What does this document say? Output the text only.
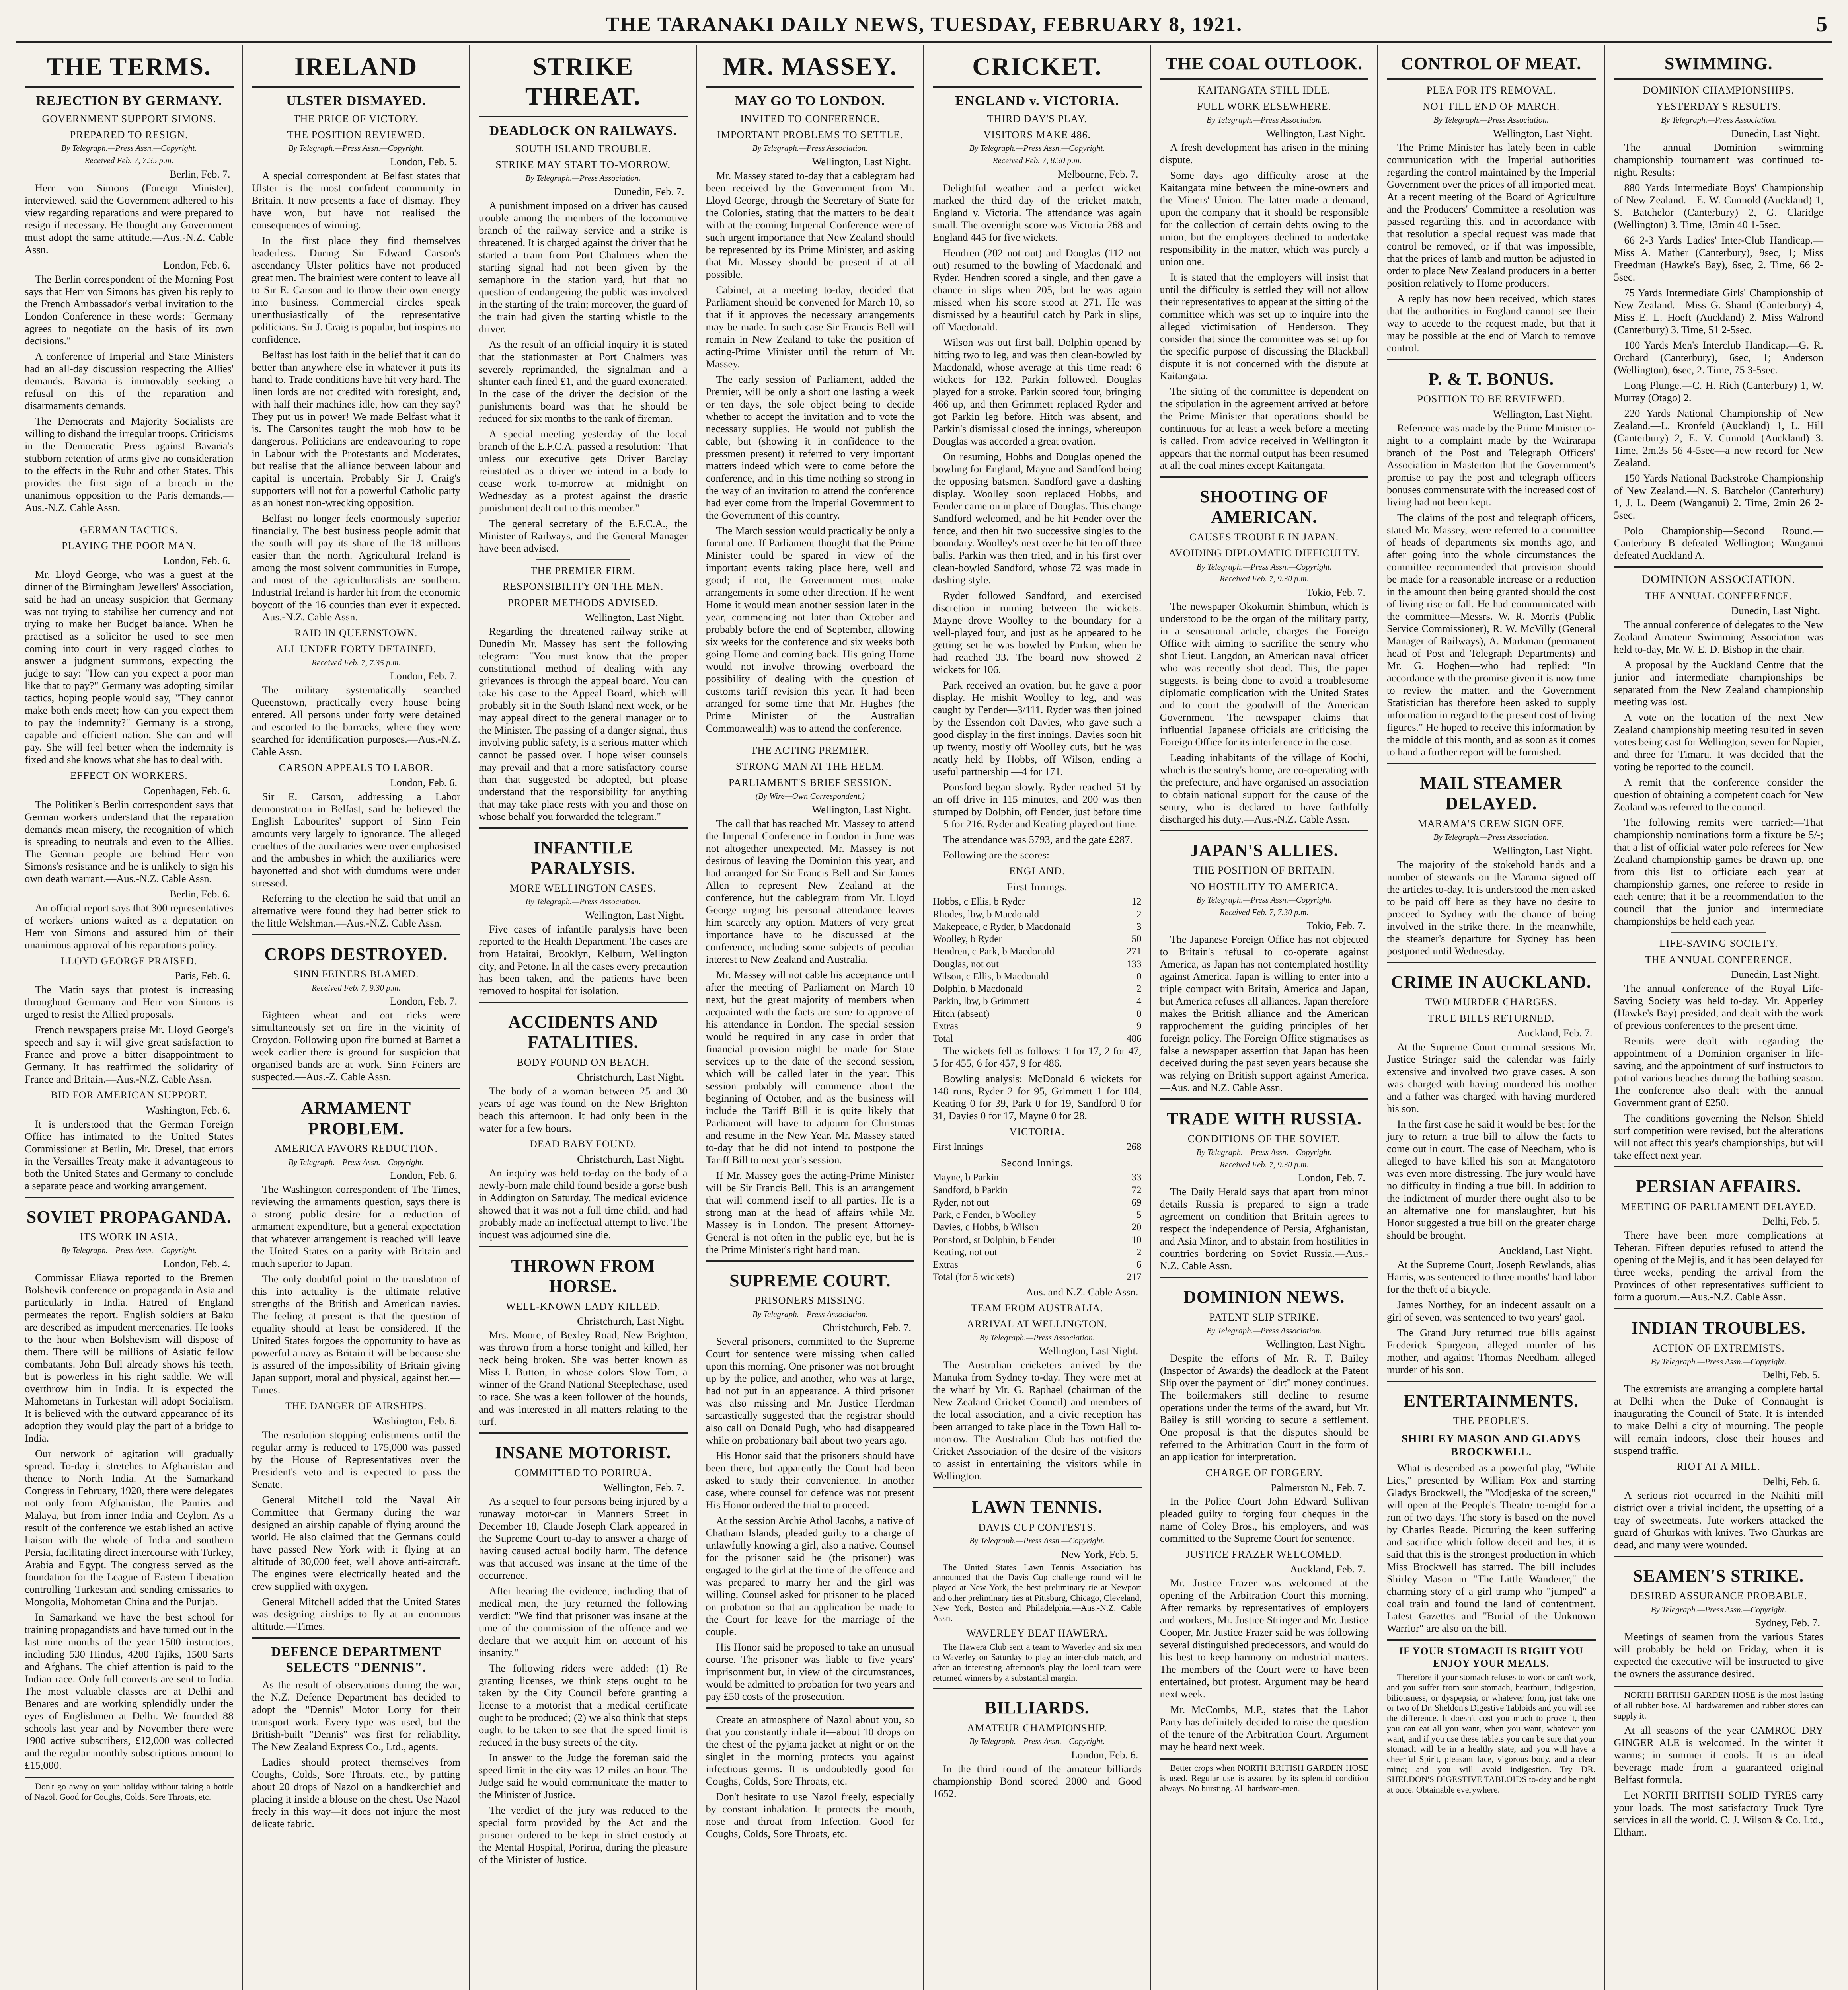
THE TARANAKI DAILY NEWS, TUESDAY, FEBRUARY 8, 1921.	5
THE TERMS.
REJECTION BY GERMANY.
GOVERNMENT SUPPORT SIMONS.
PREPARED TO RESIGN.
By Telegraph.—Press Assn.—Copyright.
Received Feb. 7, 7.35 p.m.
Berlin, Feb. 7.

Herr von Simons (Foreign Minister), interviewed, said the Government adhered to his view regarding reparations and were prepared to resign if necessary. He thought any Government must adopt the same attitude.—Aus.-N.Z. Cable Assn.

London, Feb. 6.

The Berlin correspondent of the Morning Post says that Herr von Simons has given his reply to the French Ambassador's verbal invitation to the London Conference in these words: "Germany agrees to negotiate on the basis of its own decisions."

A conference of Imperial and State Ministers had an all-day discussion respecting the Allies' demands. Bavaria is immovably seeking a refusal on this of the reparation and disarmaments demands.

The Democrats and Majority Socialists are willing to disband the irregular troops. Criticisms in the Democratic Press against Bavaria's stubborn retention of arms give no consideration to the effects in the Ruhr and other States. This provides the first sign of a breach in the unanimous opposition to the Paris demands.—Aus.-N.Z. Cable Assn.

GERMAN TACTICS.
PLAYING THE POOR MAN.
London, Feb. 6.

Mr. Lloyd George, who was a guest at the dinner of the Birmingham Jewellers' Association, said he had an uneasy suspicion that Germany was not trying to stabilise her currency and not trying to make her Budget balance. When he practised as a solicitor he used to see men coming into court in very ragged clothes to answer a judgment summons, expecting the judge to say: "How can you expect a poor man like that to pay?" Germany was adopting similar tactics, hoping people would say, "They cannot make both ends meet; how can you expect them to pay the indemnity?" Germany is a strong, capable and efficient nation. She can and will pay. She will feel better when the indemnity is fixed and she knows what she has to deal with.

EFFECT ON WORKERS.
Copenhagen, Feb. 6.

The Politiken's Berlin correspondent says that German workers understand that the reparation demands mean misery, the recognition of which is spreading to neutrals and even to the Allies. The German people are behind Herr von Simons's resistance and he is unlikely to sign his own death warrant.—Aus.-N.Z. Cable Assn.

Berlin, Feb. 6.

An official report says that 300 representatives of workers' unions waited as a deputation on Herr von Simons and assured him of their unanimous approval of his reparations policy.

LLOYD GEORGE PRAISED.
Paris, Feb. 6.

The Matin says that protest is increasing throughout Germany and Herr von Simons is urged to resist the Allied proposals.

French newspapers praise Mr. Lloyd George's speech and say it will give great satisfaction to France and prove a bitter disappointment to Germany. It has reaffirmed the solidarity of France and Britain.—Aus.-N.Z. Cable Assn.

BID FOR AMERICAN SUPPORT.
Washington, Feb. 6.

It is understood that the German Foreign Office has intimated to the United States Commissioner at Berlin, Mr. Dresel, that errors in the Versailles Treaty make it advantageous to both the United States and Germany to conclude a separate peace and working arrangement.

SOVIET PROPAGANDA.
ITS WORK IN ASIA.
By Telegraph.—Press Assn.—Copyright.
London, Feb. 4.

Commissar Eliawa reported to the Bremen Bolshevik conference on propaganda in Asia and particularly in India. Hatred of England permeates the report. English soldiers at Baku are described as impudent mercenaries. He looks to the hour when Bolshevism will dispose of them. There will be millions of Asiatic fellow combatants. John Bull already shows his teeth, but is powerless in his right saddle. We will overthrow him in India. It is expected the Mahometans in Turkestan will adopt Socialism. It is believed with the outward appearance of its adoption they would play the part of a bridge to India.

Our network of agitation will gradually spread. To-day it stretches to Afghanistan and thence to North India. At the Samarkand Congress in February, 1920, there were delegates not only from Afghanistan, the Pamirs and Malaya, but from inner India and Ceylon. As a result of the conference we established an active liaison with the whole of India and southern Persia, facilitating direct intercourse with Turkey, Arabia and Egypt. The congress served as the foundation for the League of Eastern Liberation controlling Turkestan and sending emissaries to Mongolia, Mohometan China and the Punjab.

In Samarkand we have the best school for training propagandists and have turned out in the last nine months of the year 1500 instructors, including 530 Hindus, 4200 Tajiks, 1500 Sarts and Afghans. The chief attention is paid to the Indian race. Only full converts are sent to India. The most valuable classes are at Delhi and Benares and are working splendidly under the eyes of Englishmen at Delhi. We founded 88 schools last year and by November there were 1900 active subscribers, £12,000 was collected and the regular monthly subscriptions amount to £15,000.

Don't go away on your holiday without taking a bottle of Nazol. Good for Coughs, Colds, Sore Throats, etc.

IRELAND
ULSTER DISMAYED.
THE PRICE OF VICTORY.
THE POSITION REVIEWED.
By Telegraph.—Press Assn.—Copyright.
London, Feb. 5.

A special correspondent at Belfast states that Ulster is the most confident community in Britain. It now presents a face of dismay. They have won, but have not realised the consequences of winning.

In the first place they find themselves leaderless. During Sir Edward Carson's ascendancy Ulster politics have not produced great men. The brainiest were content to leave all to Sir E. Carson and to throw their own energy into business. Commercial circles speak unenthusiastically of the representative politicians. Sir J. Craig is popular, but inspires no confidence.

Belfast has lost faith in the belief that it can do better than anywhere else in whatever it puts its hand to. Trade conditions have hit very hard. The linen lords are not credited with foresight, and, with half their machines idle, how can they say? They put us in power! We made Belfast what it is. The Carsonites taught the mob how to be dangerous. Politicians are endeavouring to rope in Labour with the Protestants and Moderates, but realise that the alliance between labour and capital is uncertain. Probably Sir J. Craig's supporters will not for a powerful Catholic party as an honest non-wrecking opposition.

Belfast no longer feels enormously superior financially. The best business people admit that the south will pay its share of the 18 millions easier than the north. Agricultural Ireland is among the most solvent communities in Europe, and most of the agriculturalists are southern. Industrial Ireland is harder hit from the economic boycott of the 16 counties than ever it expected.—Aus.-N.Z. Cable Assn.

RAID IN QUEENSTOWN.
ALL UNDER FORTY DETAINED.
Received Feb. 7, 7.35 p.m.
London, Feb. 7.

The military systematically searched Queenstown, practically every house being entered. All persons under forty were detained and escorted to the barracks, where they were searched for identification purposes.—Aus.-N.Z. Cable Assn.

CARSON APPEALS TO LABOR.
London, Feb. 6.

Sir E. Carson, addressing a Labor demonstration in Belfast, said he believed the English Labourites' support of Sinn Fein amounts very largely to ignorance. The alleged cruelties of the auxiliaries were over emphasised and the ambushes in which the auxiliaries were bayonetted and shot with dumdums were under stressed.

Referring to the election he said that until an alternative were found they had better stick to the little Welshman.—Aus.-N.Z. Cable Assn.

CROPS DESTROYED.
SINN FEINERS BLAMED.
Received Feb. 7, 9.30 p.m.
London, Feb. 7.

Eighteen wheat and oat ricks were simultaneously set on fire in the vicinity of Croydon. Following upon fire burned at Barnet a week earlier there is ground for suspicion that organised bands are at work. Sinn Feiners are suspected.—Aus.-Z. Cable Assn.

ARMAMENT PROBLEM.
AMERICA FAVORS REDUCTION.
By Telegraph.—Press Assn.—Copyright.
London, Feb. 6.

The Washington correspondent of The Times, reviewing the armaments question, says there is a strong public desire for a reduction of armament expenditure, but a general expectation that whatever arrangement is reached will leave the United States on a parity with Britain and much superior to Japan.

The only doubtful point in the translation of this into actuality is the ultimate relative strengths of the British and American navies. The feeling at present is that the question of equality should at least be considered. If the United States forgoes the opportunity to have as powerful a navy as Britain it will be because she is assured of the impossibility of Britain giving Japan support, moral and physical, against her.—Times.

THE DANGER OF AIRSHIPS.
Washington, Feb. 6.

The resolution stopping enlistments until the regular army is reduced to 175,000 was passed by the House of Representatives over the President's veto and is expected to pass the Senate.

General Mitchell told the Naval Air Committee that Germany during the war designed an airship capable of flying around the world. He also claimed that the Germans could have passed New York with it flying at an altitude of 30,000 feet, well above anti-aircraft. The engines were electrically heated and the crew supplied with oxygen.

General Mitchell added that the United States was designing airships to fly at an enormous altitude.—Times.

DEFENCE DEPARTMENT SELECTS "DENNIS".

As the result of observations during the war, the N.Z. Defence Department has decided to adopt the "Dennis" Motor Lorry for their transport work. Every type was used, but the British-built "Dennis" was first for reliability. The New Zealand Express Co., Ltd., agents.

Ladies should protect themselves from Coughs, Colds, Sore Throats, etc., by putting about 20 drops of Nazol on a handkerchief and placing it inside a blouse on the chest. Use Nazol freely in this way—it does not injure the most delicate fabric.

STRIKE THREAT.
DEADLOCK ON RAILWAYS.
SOUTH ISLAND TROUBLE.
STRIKE MAY START TO-MORROW.
By Telegraph.—Press Association.
Dunedin, Feb. 7.

A punishment imposed on a driver has caused trouble among the members of the locomotive branch of the railway service and a strike is threatened. It is charged against the driver that he started a train from Port Chalmers when the starting signal had not been given by the semaphore in the station yard, but that no question of endangering the public was involved in the starting of the train; moreover, the guard of the train had given the starting whistle to the driver.

As the result of an official inquiry it is stated that the stationmaster at Port Chalmers was severely reprimanded, the signalman and a shunter each fined £1, and the guard exonerated. In the case of the driver the decision of the punishments board was that he should be reduced for six months to the rank of fireman.

A special meeting yesterday of the local branch of the E.F.C.A. passed a resolution: "That unless our executive gets Driver Barclay reinstated as a driver we intend in a body to cease work to-morrow at midnight on Wednesday as a protest against the drastic punishment dealt out to this member."

The general secretary of the E.F.C.A., the Minister of Railways, and the General Manager have been advised.

THE PREMIER FIRM.
RESPONSIBILITY ON THE MEN.
PROPER METHODS ADVISED.
Wellington, Last Night.

Regarding the threatened railway strike at Dunedin Mr. Massey has sent the following telegram:—"You must know that the proper constitutional method of dealing with any grievances is through the appeal board. You can take his case to the Appeal Board, which will probably sit in the South Island next week, or he may appeal direct to the general manager or to the Minister. The passing of a danger signal, thus involving public safety, is a serious matter which cannot be passed over. I hope wiser counsels may prevail and that a more satisfactory course than that suggested be adopted, but please understand that the responsibility for anything that may take place rests with you and those on whose behalf you forwarded the telegram."

INFANTILE PARALYSIS.
MORE WELLINGTON CASES.
By Telegraph.—Press Association.
Wellington, Last Night.

Five cases of infantile paralysis have been reported to the Health Department. The cases are from Hataitai, Brooklyn, Kelburn, Wellington city, and Petone. In all the cases every precaution has been taken, and the patients have been removed to hospital for isolation.

ACCIDENTS AND FATALITIES.
BODY FOUND ON BEACH.
Christchurch, Last Night.

The body of a woman between 25 and 30 years of age was found on the New Brighton beach this afternoon. It had only been in the water for a few hours.

DEAD BABY FOUND.
Christchurch, Last Night.

An inquiry was held to-day on the body of a newly-born male child found beside a gorse bush in Addington on Saturday. The medical evidence showed that it was not a full time child, and had probably made an ineffectual attempt to live. The inquest was adjourned sine die.

THROWN FROM HORSE.
WELL-KNOWN LADY KILLED.
Christchurch, Last Night.

Mrs. Moore, of Bexley Road, New Brighton, was thrown from a horse tonight and killed, her neck being broken. She was better known as Miss I. Button, in whose colors Slow Tom, a winner of the Grand National Steeplechase, used to race. She was a keen follower of the hounds, and was interested in all matters relating to the turf.

INSANE MOTORIST.
COMMITTED TO PORIRUA.
Wellington, Feb. 7.

As a sequel to four persons being injured by a runaway motor-car in Manners Street in December 18, Claude Joseph Clark appeared in the Supreme Court to-day to answer a charge of having caused actual bodily harm. The defence was that accused was insane at the time of the occurrence.

After hearing the evidence, including that of medical men, the jury returned the following verdict: "We find that prisoner was insane at the time of the commission of the offence and we declare that we acquit him on account of his insanity."

The following riders were added: (1) Re granting licenses, we think steps ought to be taken by the City Council before granting a license to a motorist that a medical certificate ought to be produced; (2) we also think that steps ought to be taken to see that the speed limit is reduced in the busy streets of the city.

In answer to the Judge the foreman said the speed limit in the city was 12 miles an hour. The Judge said he would communicate the matter to the Minister of Justice.

The verdict of the jury was reduced to the special form provided by the Act and the prisoner ordered to be kept in strict custody at the Mental Hospital, Porirua, during the pleasure of the Minister of Justice.

MR. MASSEY.
MAY GO TO LONDON.
INVITED TO CONFERENCE.
IMPORTANT PROBLEMS TO SETTLE.
By Telegraph.—Press Association.
Wellington, Last Night.

Mr. Massey stated to-day that a cablegram had been received by the Government from Mr. Lloyd George, through the Secretary of State for the Colonies, stating that the matters to be dealt with at the coming Imperial Conference were of such urgent importance that New Zealand should be represented by its Prime Minister, and asking that Mr. Massey should be present if at all possible.

Cabinet, at a meeting to-day, decided that Parliament should be convened for March 10, so that if it approves the necessary arrangements may be made. In such case Sir Francis Bell will remain in New Zealand to take the position of acting-Prime Minister until the return of Mr. Massey.

The early session of Parliament, added the Premier, will be only a short one lasting a week or ten days, the sole object being to decide whether to accept the invitation and to vote the necessary supplies. He would not publish the cable, but (showing it in confidence to the pressmen present) it referred to very important matters indeed which were to come before the conference, and in this time nothing so strong in the way of an invitation to attend the conference had ever come from the Imperial Government to the Government of this country.

The March session would practically be only a formal one. If Parliament thought that the Prime Minister could be spared in view of the important events taking place here, well and good; if not, the Government must make arrangements in some other direction. If he went Home it would mean another session later in the year, commencing not later than October and probably before the end of September, allowing six weeks for the conference and six weeks both going Home and coming back. His going Home would not involve throwing overboard the possibility of dealing with the question of customs tariff revision this year. It had been arranged for some time that Mr. Hughes (the Prime Minister of the Australian Commonwealth) was to attend the conference.

THE ACTING PREMIER.
STRONG MAN AT THE HELM.
PARLIAMENT'S BRIEF SESSION.
(By Wire—Own Correspondent.)
Wellington, Last Night.

The call that has reached Mr. Massey to attend the Imperial Conference in London in June was not altogether unexpected. Mr. Massey is not desirous of leaving the Dominion this year, and had arranged for Sir Francis Bell and Sir James Allen to represent New Zealand at the conference, but the cablegram from Mr. Lloyd George urging his personal attendance leaves him scarcely any option. Matters of very great importance have to be discussed at the conference, including some subjects of peculiar interest to New Zealand and Australia.

Mr. Massey will not cable his acceptance until after the meeting of Parliament on March 10 next, but the great majority of members when acquainted with the facts are sure to approve of his attendance in London. The special session would be required in any case in order that financial provision might be made for State services up to the date of the second session, which will be called later in the year. This session probably will commence about the beginning of October, and as the business will include the Tariff Bill it is quite likely that Parliament will have to adjourn for Christmas and resume in the New Year. Mr. Massey stated to-day that he did not intend to postpone the Tariff Bill to next year's session.

If Mr. Massey goes the acting-Prime Minister will be Sir Francis Bell. This is an arrangement that will commend itself to all parties. He is a strong man at the head of affairs while Mr. Massey is in London. The present Attorney-General is not often in the public eye, but he is the Prime Minister's right hand man.

SUPREME COURT.
PRISONERS MISSING.
By Telegraph.—Press Association.
Christchurch, Feb. 7.

Several prisoners, committed to the Supreme Court for sentence were missing when called upon this morning. One prisoner was not brought up by the police, and another, who was at large, had not put in an appearance. A third prisoner was also missing and Mr. Justice Herdman sarcastically suggested that the registrar should also call on Donald Pugh, who had disappeared while on probationary bail about two years ago.

His Honor said that the prisoners should have been there, but apparently the Court had been asked to study their convenience. In another case, where counsel for defence was not present His Honor ordered the trial to proceed.

At the session Archie Athol Jacobs, a native of Chatham Islands, pleaded guilty to a charge of unlawfully knowing a girl, also a native. Counsel for the prisoner said he (the prisoner) was engaged to the girl at the time of the offence and was prepared to marry her and the girl was willing. Counsel asked for prisoner to be placed on probation so that an application be made to the Court for leave for the marriage of the couple.

His Honor said he proposed to take an unusual course. The prisoner was liable to five years' imprisonment but, in view of the circumstances, would be admitted to probation for two years and pay £50 costs of the prosecution.

Create an atmosphere of Nazol about you, so that you constantly inhale it—about 10 drops on the chest of the pyjama jacket at night or on the singlet in the morning protects you against infectious germs. It is undoubtedly good for Coughs, Colds, Sore Throats, etc.

Don't hesitate to use Nazol freely, especially by constant inhalation. It protects the mouth, nose and throat from Infection. Good for Coughs, Colds, Sore Throats, etc.

CRICKET.
ENGLAND v. VICTORIA.
THIRD DAY'S PLAY.
VISITORS MAKE 486.
By Telegraph.—Press Assn.—Copyright.
Received Feb. 7, 8.30 p.m.
Melbourne, Feb. 7.

Delightful weather and a perfect wicket marked the third day of the cricket match, England v. Victoria. The attendance was again small. The overnight score was Victoria 268 and England 445 for five wickets.

Hendren (202 not out) and Douglas (112 not out) resumed to the bowling of Macdonald and Ryder. Hendren scored a single, and then gave a chance in slips when 205, but he was again missed when his score stood at 271. He was dismissed by a beautiful catch by Park in slips, off Macdonald.

Wilson was out first ball, Dolphin opened by hitting two to leg, and was then clean-bowled by Macdonald, whose average at this time read: 6 wickets for 132. Parkin followed. Douglas played for a stroke. Parkin scored four, bringing 466 up, and then Grimmett replaced Ryder and got Parkin leg before. Hitch was absent, and Parkin's dismissal closed the innings, whereupon Douglas was accorded a great ovation.

On resuming, Hobbs and Douglas opened the bowling for England, Mayne and Sandford being the opposing batsmen. Sandford gave a dashing display. Woolley soon replaced Hobbs, and Fender came on in place of Douglas. This change Sandford welcomed, and he hit Fender over the fence, and then hit two successive singles to the boundary. Woolley's next over he hit ten off three balls. Parkin was then tried, and in his first over clean-bowled Sandford, whose 72 was made in dashing style.

Ryder followed Sandford, and exercised discretion in running between the wickets. Mayne drove Woolley to the boundary for a well-played four, and just as he appeared to be getting set he was bowled by Parkin, when he had reached 33. The board now showed 2 wickets for 106.

Park received an ovation, but he gave a poor display. He mishit Woolley to leg, and was caught by Fender—3/111. Ryder was then joined by the Essendon colt Davies, who gave such a good display in the first innings. Davies soon hit up twenty, mostly off Woolley cuts, but he was neatly held by Hobbs, off Wilson, ending a useful partnership —4 for 171.

Ponsford began slowly. Ryder reached 51 by an off drive in 115 minutes, and 200 was then stumped by Dolphin, off Fender, just before time—5 for 216. Ryder and Keating played out time.

The attendance was 5793, and the gate £287.

Following are the scores:

ENGLAND.
First Innings.
Hobbs, c Ellis, b Ryder	12
Rhodes, lbw, b Macdonald	2
Makepeace, c Ryder, b Macdonald	3
Woolley, b Ryder	50
Hendren, c Park, b Macdonald	271
Douglas, not out	133
Wilson, c Ellis, b Macdonald	0
Dolphin, b Macdonald	2
Parkin, lbw, b Grimmett	4
Hitch (absent)	0
Extras	9
Total	486

The wickets fell as follows: 1 for 17, 2 for 47, 5 for 455, 6 for 457, 9 for 486.

Bowling analysis: McDonald 6 wickets for 148 runs, Ryder 2 for 95, Grimmett 1 for 104, Keating 0 for 39, Park 0 for 19, Sandford 0 for 31, Davies 0 for 17, Mayne 0 for 28.

VICTORIA.
First Innings	268
Second Innings.
Mayne, b Parkin	33
Sandford, b Parkin	72
Ryder, not out	69
Park, c Fender, b Woolley	5
Davies, c Hobbs, b Wilson	20
Ponsford, st Dolphin, b Fender	10
Keating, not out	2
Extras	6
Total (for 5 wickets)	217
—Aus. and N.Z. Cable Assn.
TEAM FROM AUSTRALIA.
ARRIVAL AT WELLINGTON.
By Telegraph.—Press Association.
Wellington, Last Night.

The Australian cricketers arrived by the Manuka from Sydney to-day. They were met at the wharf by Mr. G. Raphael (chairman of the New Zealand Cricket Council) and members of the local association, and a civic reception has been arranged to take place in the Town Hall to-morrow. The Australian Club has notified the Cricket Association of the desire of the visitors to assist in entertaining the visitors while in Wellington.

LAWN TENNIS.
DAVIS CUP CONTESTS.
By Telegraph.—Press Assn.—Copyright.
New York, Feb. 5.

The United States Lawn Tennis Association has announced that the Davis Cup challenge round will be played at New York, the best preliminary tie at Newport and other preliminary ties at Pittsburg, Chicago, Cleveland, New York, Boston and Philadelphia.—Aus.-N.Z. Cable Assn.

WAVERLEY BEAT HAWERA.

The Hawera Club sent a team to Waverley and six men to Waverley on Saturday to play an inter-club match, and after an interesting afternoon's play the local team were returned winners by a substantial margin.

BILLIARDS.
AMATEUR CHAMPIONSHIP.
By Telegraph.—Press Assn.—Copyright.
London, Feb. 6.

In the third round of the amateur billiards championship Bond scored 2000 and Good 1652.

THE COAL OUTLOOK.
KAITANGATA STILL IDLE.
FULL WORK ELSEWHERE.
By Telegraph.—Press Association.
Wellington, Last Night.

A fresh development has arisen in the mining dispute.

Some days ago difficulty arose at the Kaitangata mine between the mine-owners and the Miners' Union. The latter made a demand, upon the company that it should be responsible for the collection of certain debts owing to the union, but the employers declined to undertake responsibility in the matter, which was purely a union one.

It is stated that the employers will insist that until the difficulty is settled they will not allow their representatives to appear at the sitting of the committee which was set up to inquire into the alleged victimisation of Henderson. They consider that since the committee was set up for the specific purpose of discussing the Blackball dispute it is not concerned with the dispute at Kaitangata.

The sitting of the committee is dependent on the stipulation in the agreement arrived at before the Prime Minister that operations should be continuous for at least a week before a meeting is called. From advice received in Wellington it appears that the normal output has been resumed at all the coal mines except Kaitangata.

SHOOTING OF AMERICAN.
CAUSES TROUBLE IN JAPAN.
AVOIDING DIPLOMATIC DIFFICULTY.
By Telegraph.—Press Assn.—Copyright.
Received Feb. 7, 9.30 p.m.
Tokio, Feb. 7.

The newspaper Okokumin Shimbun, which is understood to be the organ of the military party, in a sensational article, charges the Foreign Office with aiming to sacrifice the sentry who shot Lieut. Langdon, an American naval officer who was recently shot dead. This, the paper suggests, is being done to avoid a troublesome diplomatic complication with the United States and to court the goodwill of the American Government. The newspaper claims that influential Japanese officials are criticising the Foreign Office for its interference in the case.

Leading inhabitants of the village of Kochi, which is the sentry's home, are co-operating with the prefecture, and have organised an association to obtain national support for the cause of the sentry, who is declared to have faithfully discharged his duty.—Aus.-N.Z. Cable Assn.

JAPAN'S ALLIES.
THE POSITION OF BRITAIN.
NO HOSTILITY TO AMERICA.
By Telegraph.—Press Assn.—Copyright.
Received Feb. 7, 7.30 p.m.
Tokio, Feb. 7.

The Japanese Foreign Office has not objected to Britain's refusal to co-operate against America, as Japan has not contemplated hostility against America. Japan is willing to enter into a triple compact with Britain, America and Japan, but America refuses all alliances. Japan therefore makes the British alliance and the American rapprochement the guiding principles of her foreign policy. The Foreign Office stigmatises as false a newspaper assertion that Japan has been deceived during the past seven years because she was relying on British support against America.—Aus. and N.Z. Cable Assn.

TRADE WITH RUSSIA.
CONDITIONS OF THE SOVIET.
By Telegraph.—Press Assn.—Copyright.
Received Feb. 7, 9.30 p.m.
London, Feb. 7.

The Daily Herald says that apart from minor details Russia is prepared to sign a trade agreement on condition that Britain agrees to respect the independence of Persia, Afghanistan, and Asia Minor, and to abstain from hostilities in countries bordering on Soviet Russia.—Aus.-N.Z. Cable Assn.

DOMINION NEWS.
PATENT SLIP STRIKE.
By Telegraph.—Press Association.
Wellington, Last Night.

Despite the efforts of Mr. R. T. Bailey (Inspector of Awards) the deadlock at the Patent Slip over the payment of "dirt" money continues. The boilermakers still decline to resume operations under the terms of the award, but Mr. Bailey is still working to secure a settlement. One proposal is that the disputes should be referred to the Arbitration Court in the form of an application for interpretation.

CHARGE OF FORGERY.
Palmerston N., Feb. 7.

In the Police Court John Edward Sullivan pleaded guilty to forging four cheques in the name of Coley Bros., his employers, and was committed to the Supreme Court for sentence.

JUSTICE FRAZER WELCOMED.
Auckland, Feb. 7.

Mr. Justice Frazer was welcomed at the opening of the Arbitration Court this morning. After remarks by representatives of employers and workers, Mr. Justice Stringer and Mr. Justice Cooper, Mr. Justice Frazer said he was following several distinguished predecessors, and would do his best to keep harmony on industrial matters. The members of the Court were to have been entertained, but protest. Argument may be heard next week.

Mr. McCombs, M.P., states that the Labor Party has definitely decided to raise the question of the tenure of the Arbitration Court. Argument may be heard next week.

Better crops when NORTH BRITISH GARDEN HOSE is used. Regular use is assured by its splendid condition always. No bursting. All hardware-men.

CONTROL OF MEAT.
PLEA FOR ITS REMOVAL.
NOT TILL END OF MARCH.
By Telegraph.—Press Association.
Wellington, Last Night.

The Prime Minister has lately been in cable communication with the Imperial authorities regarding the control maintained by the Imperial Government over the prices of all imported meat. At a recent meeting of the Board of Agriculture and the Producers' Committee a resolution was passed regarding this, and in accordance with that resolution a special request was made that control be removed, or if that was impossible, that the prices of lamb and mutton be adjusted in order to place New Zealand producers in a better position relatively to Home producers.

A reply has now been received, which states that the authorities in England cannot see their way to accede to the request made, but that it may be possible at the end of March to remove control.

P. & T. BONUS.
POSITION TO BE REVIEWED.
Wellington, Last Night.

Reference was made by the Prime Minister to-night to a complaint made by the Wairarapa branch of the Post and Telegraph Officers' Association in Masterton that the Government's promise to pay the post and telegraph officers bonuses commensurate with the increased cost of living had not been kept.

The claims of the post and telegraph officers, stated Mr. Massey, were referred to a committee of heads of departments six months ago, and after going into the whole circumstances the committee recommended that provision should be made for a reasonable increase or a reduction in the amount then being granted should the cost of living rise or fall. He had communicated with the committee—Messrs. W. R. Morris (Public Service Commissioner), R. W. McVilly (General Manager of Railways), A. Markman (permanent head of Post and Telegraph Departments) and Mr. G. Hogben—who had replied: "In accordance with the promise given it is now time to review the matter, and the Government Statistician has therefore been asked to supply information in regard to the present cost of living figures." He hoped to receive this information by the middle of this month, and as soon as it comes to hand a further report will be furnished.

MAIL STEAMER DELAYED.
MARAMA'S CREW SIGN OFF.
By Telegraph.—Press Association.
Wellington, Last Night.

The majority of the stokehold hands and a number of stewards on the Marama signed off the articles to-day. It is understood the men asked to be paid off here as they have no desire to proceed to Sydney with the chance of being involved in the strike there. In the meanwhile, the steamer's departure for Sydney has been postponed until Wednesday.

CRIME IN AUCKLAND.
TWO MURDER CHARGES.
TRUE BILLS RETURNED.
Auckland, Feb. 7.

At the Supreme Court criminal sessions Mr. Justice Stringer said the calendar was fairly extensive and involved two grave cases. A son was charged with having murdered his mother and a father was charged with having murdered his son.

In the first case he said it would be best for the jury to return a true bill to allow the facts to come out in court. The case of Needham, who is alleged to have killed his son at Mangatotoro was even more distressing. The jury would have no difficulty in finding a true bill. In addition to the indictment of murder there ought also to be an alternative one for manslaughter, but his Honor suggested a true bill on the greater charge should be brought.

Auckland, Last Night.

At the Supreme Court, Joseph Rewlands, alias Harris, was sentenced to three months' hard labor for the theft of a bicycle.

James Northey, for an indecent assault on a girl of seven, was sentenced to two years' gaol.

The Grand Jury returned true bills against Frederick Spurgeon, alleged murder of his mother, and against Thomas Needham, alleged murder of his son.

ENTERTAINMENTS.
THE PEOPLE'S.
SHIRLEY MASON AND GLADYS BROCKWELL.

What is described as a powerful play, "White Lies," presented by William Fox and starring Gladys Brockwell, the "Modjeska of the screen," will open at the People's Theatre to-night for a run of two days. The story is based on the novel by Charles Reade. Picturing the keen suffering and sacrifice which follow deceit and lies, it is said that this is the strongest production in which Miss Brockwell has starred. The bill includes Shirley Mason in "The Little Wanderer," the charming story of a girl tramp who "jumped" a coal train and found the land of contentment. Latest Gazettes and "Burial of the Unknown Warrior" are also on the bill.

IF YOUR STOMACH IS RIGHT YOU ENJOY YOUR MEALS.

Therefore if your stomach refuses to work or can't work, and you suffer from sour stomach, heartburn, indigestion, biliousness, or dyspepsia, or whatever form, just take one or two of Dr. Sheldon's Digestive Tabloids and you will see the difference. It doesn't cost you much to prove it, then you can eat all you want, when you want, whatever you want, and if you use these tablets you can be sure that your stomach will be in a healthy state, and you will have a cheerful Spirit, pleasant face, vigorous body, and a clear mind; and you will avoid indigestion. Try DR. SHELDON'S DIGESTIVE TABLOIDS to-day and be right at once. Obtainable everywhere.

SWIMMING.
DOMINION CHAMPIONSHIPS.
YESTERDAY'S RESULTS.
By Telegraph.—Press Association.
Dunedin, Last Night.

The annual Dominion swimming championship tournament was continued to-night. Results:

880 Yards Intermediate Boys' Championship of New Zealand.—E. W. Cunnold (Auckland) 1, S. Batchelor (Canterbury) 2, G. Claridge (Wellington) 3. Time, 13min 40 1-5sec.

66 2-3 Yards Ladies' Inter-Club Handicap.—Miss A. Mather (Canterbury), 9sec, 1; Miss Freedman (Hawke's Bay), 6sec, 2. Time, 66 2-5sec.

75 Yards Intermediate Girls' Championship of New Zealand.—Miss G. Shand (Canterbury) 4, Miss E. L. Hoeft (Auckland) 2, Miss Walrond (Canterbury) 3. Time, 51 2-5sec.

100 Yards Men's Interclub Handicap.—G. R. Orchard (Canterbury), 6sec, 1; Anderson (Wellington), 6sec, 2. Time, 75 3-5sec.

Long Plunge.—C. H. Rich (Canterbury) 1, W. Murray (Otago) 2.

220 Yards National Championship of New Zealand.—L. Kronfeld (Auckland) 1, L. Hill (Canterbury) 2, E. V. Cunnold (Auckland) 3. Time, 2m.3s 56 4-5sec—a new record for New Zealand.

150 Yards National Backstroke Championship of New Zealand.—N. S. Batchelor (Canterbury) 1, J. L. Deem (Wanganui) 2. Time, 2min 26 2-5sec.

Polo Championship—Second Round.—Canterbury B defeated Wellington; Wanganui defeated Auckland A.

DOMINION ASSOCIATION.
THE ANNUAL CONFERENCE.
Dunedin, Last Night.

The annual conference of delegates to the New Zealand Amateur Swimming Association was held to-day, Mr. W. E. D. Bishop in the chair.

A proposal by the Auckland Centre that the junior and intermediate championships be separated from the New Zealand championship meeting was lost.

A vote on the location of the next New Zealand championship meeting resulted in seven votes being cast for Wellington, seven for Napier, and three for Timaru. It was decided that the voting be reported to the council.

A remit that the conference consider the question of obtaining a competent coach for New Zealand was referred to the council.

The following remits were carried:—That championship nominations form a fixture be 5/-; that a list of official water polo referees for New Zealand championship games be drawn up, one from this list to officiate each year at championship games, one referee to reside in each centre; that it be a recommendation to the council that the junior and intermediate championships be held each year.

LIFE-SAVING SOCIETY.
THE ANNUAL CONFERENCE.
Dunedin, Last Night.

The annual conference of the Royal Life-Saving Society was held to-day. Mr. Apperley (Hawke's Bay) presided, and dealt with the work of previous conferences to the present time.

Remits were dealt with regarding the appointment of a Dominion organiser in life-saving, and the appointment of surf instructors to patrol various beaches during the bathing season. The conference also dealt with the annual Government grant of £250.

The conditions governing the Nelson Shield surf competition were revised, but the alterations will not affect this year's championships, but will take effect next year.

PERSIAN AFFAIRS.
MEETING OF PARLIAMENT DELAYED.
Delhi, Feb. 5.

There have been more complications at Teheran. Fifteen deputies refused to attend the opening of the Mejlis, and it has been delayed for three weeks, pending the arrival from the Provinces of other representatives sufficient to form a quorum.—Aus.-N.Z. Cable Assn.

INDIAN TROUBLES.
ACTION OF EXTREMISTS.
By Telegraph.—Press Assn.—Copyright.
Delhi, Feb. 5.

The extremists are arranging a complete hartal at Delhi when the Duke of Connaught is inaugurating the Council of State. It is intended to make Delhi a city of mourning. The people will remain indoors, close their houses and suspend traffic.

RIOT AT A MILL.
Delhi, Feb. 6.

A serious riot occurred in the Naihiti mill district over a trivial incident, the upsetting of a tray of sweetmeats. Jute workers attacked the guard of Ghurkas with knives. Two Ghurkas are dead, and many were wounded.

SEAMEN'S STRIKE.
DESIRED ASSURANCE PROBABLE.
By Telegraph.—Press Assn.—Copyright.
Sydney, Feb. 7.

Meetings of seamen from the various States will probably be held on Friday, when it is expected the executive will be instructed to give the owners the assurance desired.

NORTH BRITISH GARDEN HOSE is the most lasting of all rubber hose. All hardwaremen and rubber stores can supply it.

At all seasons of the year CAMROC DRY GINGER ALE is welcomed. In the winter it warms; in summer it cools. It is an ideal beverage made from a guaranteed original Belfast formula.

Let NORTH BRITISH SOLID TYRES carry your loads. The most satisfactory Truck Tyre services in all the world. C. J. Wilson & Co. Ltd., Eltham.
